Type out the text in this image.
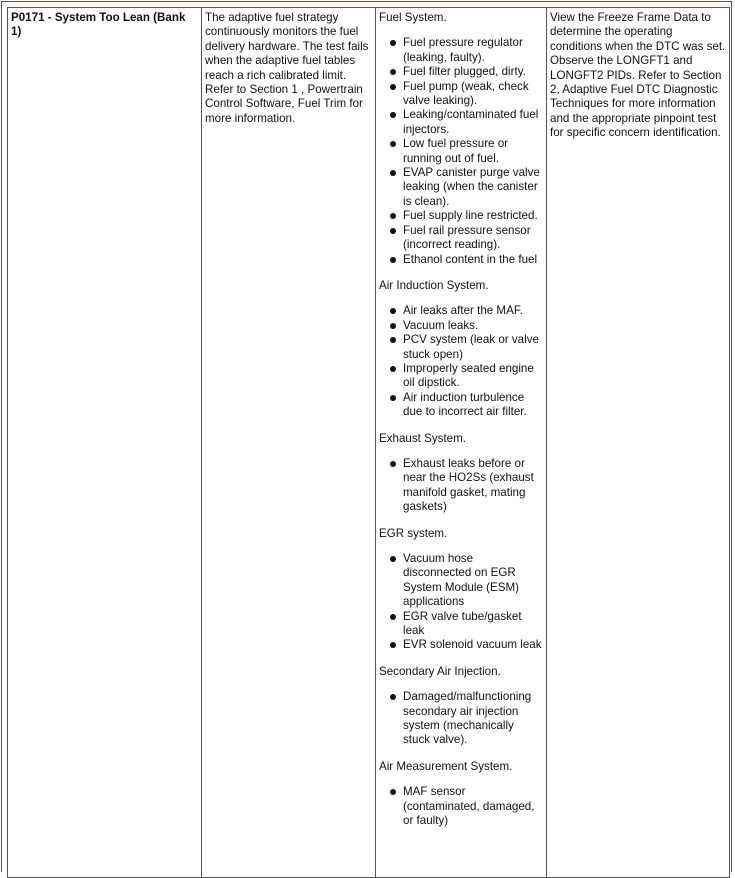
P0171 - System Too Lean (Bank 1)

The adaptive fuel strategy continuously monitors the fuel delivery hardware. The test fails when the adaptive fuel tables reach a rich calibrated limit. Refer to Section 1 , Powertrain Control Software, Fuel Trim for more information.

Fuel System.
Fuel pressure regulator (leaking, faulty).
Fuel filter plugged, dirty.
Fuel pump (weak, check valve leaking).
Leaking/contaminated fuel injectors.
Low fuel pressure or running out of fuel.
EVAP canister purge valve leaking (when the canister is clean).
Fuel supply line restricted.
Fuel rail pressure sensor (incorrect reading).
Ethanol content in the fuel
Air Induction System.
Air leaks after the MAF.
Vacuum leaks.
PCV system (leak or valve stuck open)
Improperly seated engine oil dipstick.
Air induction turbulence due to incorrect air filter.
Exhaust System.
Exhaust leaks before or near the HO2Ss (exhaust manifold gasket, mating gaskets)
EGR system.
Vacuum hose disconnected on EGR System Module (ESM) applications
EGR valve tube/gasket leak
EVR solenoid vacuum leak
Secondary Air Injection.
Damaged/malfunctioning secondary air injection system (mechanically stuck valve).
Air Measurement System.
MAF sensor (contaminated, damaged, or faulty)

View the Freeze Frame Data to determine the operating conditions when the DTC was set. Observe the LONGFT1 and LONGFT2 PIDs. Refer to Section 2, Adaptive Fuel DTC Diagnostic Techniques for more information and the appropriate pinpoint test for specific concern identification.
